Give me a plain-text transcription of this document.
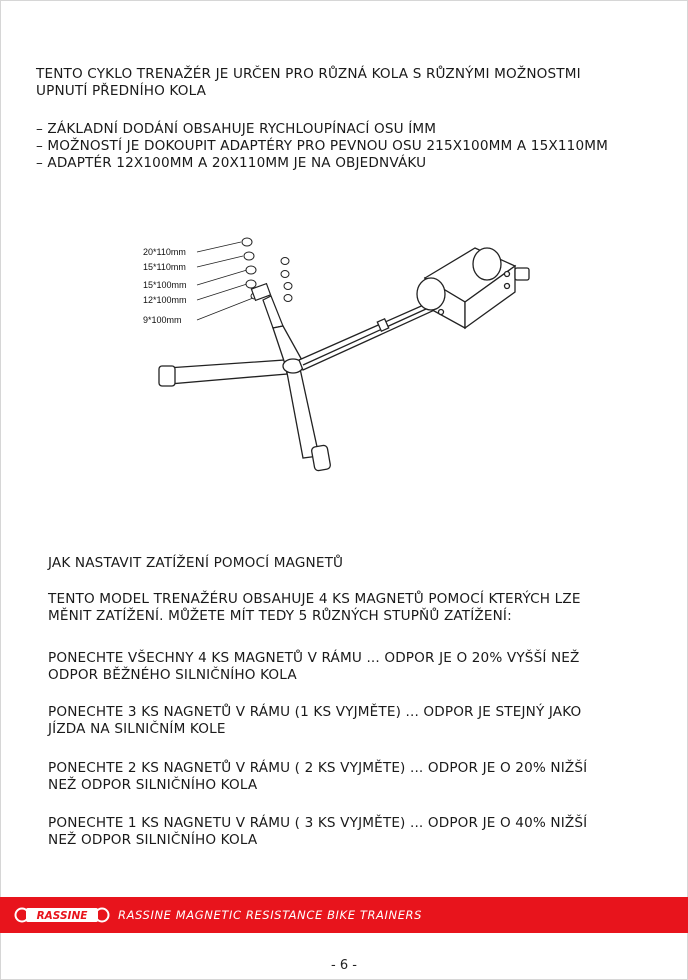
TENTO CYKLO TRENAŽÉR JE URČEN PRO RŮZNÁ KOLA S RŮZNÝMI MOŽNOSTMI
UPNUTÍ PŘEDNÍHO KOLA
– ZÁKLADNÍ DODÁNÍ OBSAHUJE RYCHLOUPÍNACÍ OSU ÍMM
– MOŽNOSTÍ JE DOKOUPIT ADAPTÉRY PRO PEVNOU OSU 215X100MM A 15X110MM
– ADAPTÉR 12X100MM A 20X110MM JE NA OBJEDNVÁKU
20*110mm
15*110mm
15*100mm
12*100mm
9*100mm
JAK NASTAVIT ZATÍŽENÍ POMOCÍ MAGNETŮ
TENTO MODEL TRENAŽÉRU OBSAHUJE 4 KS MAGNETŮ POMOCÍ KTERÝCH LZE
MĚNIT ZATÍŽENÍ. MŮŽETE MÍT TEDY 5 RŮZNÝCH STUPŇŮ ZATÍŽENÍ:
PONECHTE VŠECHNY 4 KS MAGNETŮ V RÁMU ... ODPOR JE O 20% VYŠŠÍ NEŽ
ODPOR BĚŽNÉHO SILNIČNÍHO KOLA
PONECHTE 3 KS NAGNETŮ V RÁMU (1 KS VYJMĚTE) ... ODPOR JE STEJNÝ JAKO
JÍZDA NA SILNIČNÍM KOLE
PONECHTE 2 KS NAGNETŮ V RÁMU ( 2 KS VYJMĚTE) ... ODPOR JE O 20% NIŽŠÍ
NEŽ ODPOR SILNIČNÍHO KOLA
PONECHTE 1 KS NAGNETU V RÁMU ( 3 KS VYJMĚTE) ... ODPOR JE O 40% NIŽŠÍ
NEŽ ODPOR SILNIČNÍHO KOLA
RASSINE	RASSINE MAGNETIC RESISTANCE BIKE TRAINERS
- 6 -
